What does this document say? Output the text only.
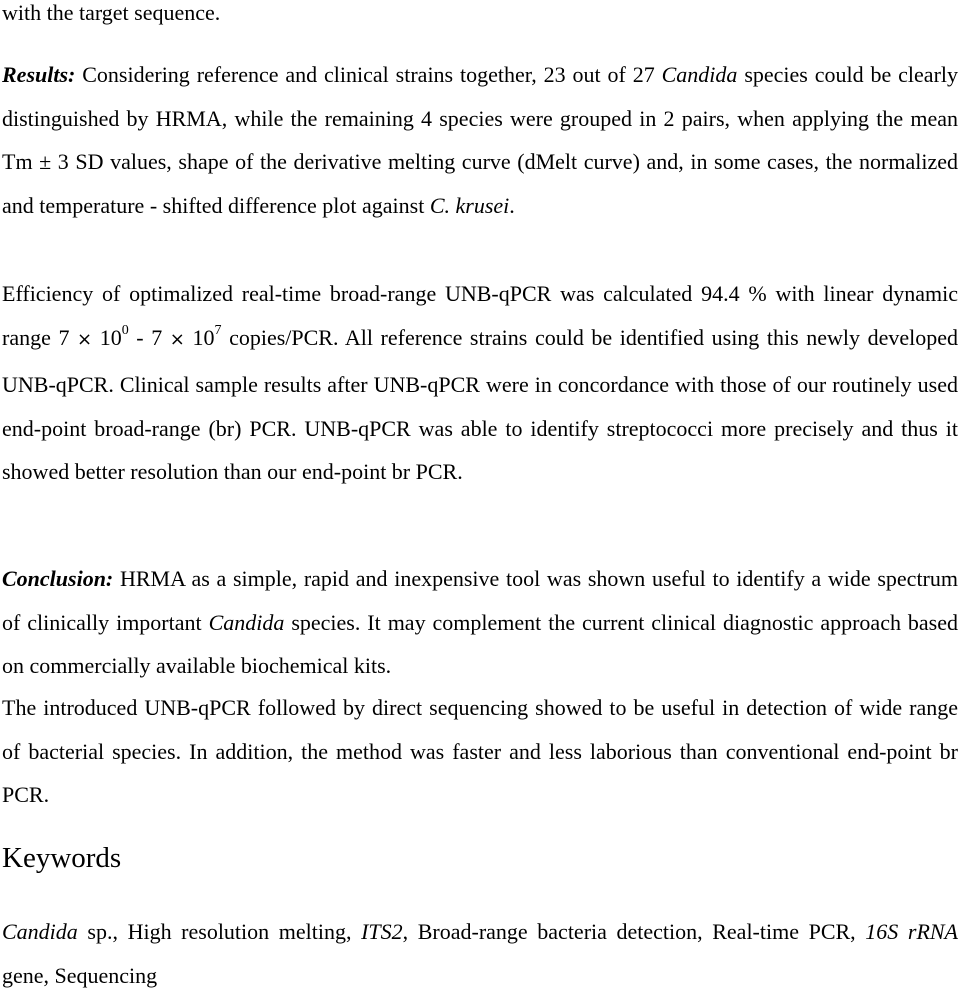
with the target sequence.

Results: Considering reference and clinical strains together, 23 out of 27 Candida species could be clearly distinguished by HRMA, while the remaining 4 species were grouped in 2 pairs, when applying the mean Tm ± 3 SD values, shape of the derivative melting curve (dMelt curve) and, in some cases, the normalized and temperature - shifted difference plot against C. krusei.

Efficiency of optimalized real-time broad-range UNB-qPCR was calculated 94.4 % with linear dynamic range $7 \times 10^0 - 7 \times 10^7$ copies/PCR. All reference strains could be identified using this newly developed UNB-qPCR. Clinical sample results after UNB-qPCR were in concordance with those of our routinely used end-point broad-range (br) PCR. UNB-qPCR was able to identify streptococci more precisely and thus it showed better resolution than our end-point br PCR.

Conclusion: HRMA as a simple, rapid and inexpensive tool was shown useful to identify a wide spectrum of clinically important Candida species. It may complement the current clinical diagnostic approach based on commercially available biochemical kits.

The introduced UNB-qPCR followed by direct sequencing showed to be useful in detection of wide range of bacterial species. In addition, the method was faster and less laborious than conventional end-point br PCR.

Keywords

Candida sp., High resolution melting, ITS2, Broad-range bacteria detection, Real-time PCR, 16S rRNA gene, Sequencing
